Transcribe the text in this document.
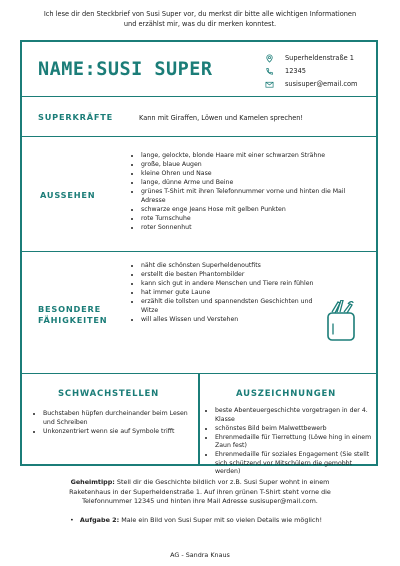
Ich lese dir den Steckbrief von Susi Super vor, du merkst dir bitte alle wichtigen Informationen und erzählst mir, was du dir merken konntest.
NAME:SUSI SUPER
Superheldenstraße 1
12345
susisuper@email.com
SUPERKRÄFTE	Kann mit Giraffen, Löwen und Kamelen sprechen!
AUSSEHEN
• lange, gelockte, blonde Haare mit einer schwarzen Strähne
• große, blaue Augen
• kleine Ohren und Nase
• lange, dünne Arme und Beine
• grünes T-Shirt mit ihren Telefonnummer vorne und hinten die Mail Adresse
• schwarze enge Jeans Hose mit gelben Punkten
• rote Turnschuhe
• roter Sonnenhut
BESONDERE
FÄHIGKEITEN
• näht die schönsten Superheldenoutfits
• erstellt die besten Phantombilder
• kann sich gut in andere Menschen und Tiere rein fühlen
• hat immer gute Laune
• erzählt die tollsten und spannendsten Geschichten und Witze
• will alles Wissen und Verstehen
SCHWACHSTELLEN
• Buchstaben hüpfen durcheinander beim Lesen und Schreiben
• Unkonzentriert wenn sie auf Symbole trifft
AUSZEICHNUNGEN
• beste Abenteuergeschichte vorgetragen in der 4. Klasse
• schönstes Bild beim Malwettbewerb
• Ehrenmedaille für Tierrettung (Löwe hing in einem Zaun fest)
• Ehrenmedaille für soziales Engagement (Sie stellt sich schützend vor Mitschülern die gemobbt werden)
Geheimtipp: Stell dir die Geschichte bildlich vor z.B. Susi Super wohnt in einem Raketenhaus in der Superheldenstraße 1. Auf ihren grünen T-Shirt steht vorne die Telefonnummer 12345 und hinten ihre Mail Adresse susisuper@mail.com.
• Aufgabe 2: Male ein Bild von Susi Super mit so vielen Details wie möglich!
AG - Sandra Knaus
